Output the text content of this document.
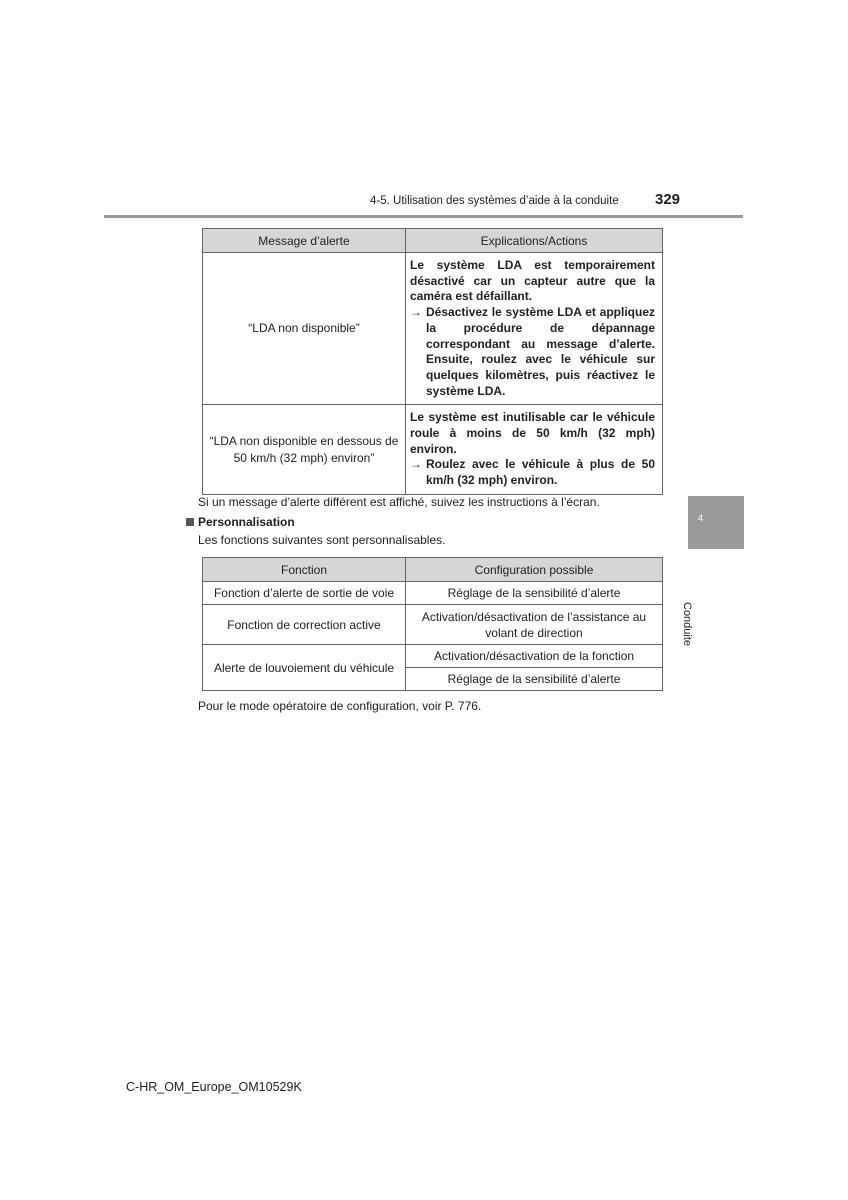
4-5. Utilisation des systèmes d’aide à la conduite 329
4
Conduite
Message d’alerte	Explications/Actions
“LDA non disponible”	Le système LDA est temporairement désactivé car un capteur autre que la caméra est défaillant.
→ Désactivez le système LDA et appliquez la procédure de dépannage correspondant au message d’alerte. Ensuite, roulez avec le véhicule sur quelques kilomètres, puis réactivez le système LDA.

“LDA non disponible en dessous de 50 km/h (32 mph) environ”	Le système est inutilisable car le véhicule roule à moins de 50 km/h (32 mph) environ.
→ Roulez avec le véhicule à plus de 50 km/h (32 mph) environ.
Si un message d’alerte différent est affiché, suivez les instructions à l’écran.
Personnalisation
Les fonctions suivantes sont personnalisables.
Fonction	Configuration possible
Fonction d’alerte de sortie de voie	Réglage de la sensibilité d’alerte
Fonction de correction active	Activation/désactivation de l’assistance au volant de direction
Alerte de louvoiement du véhicule	Activation/désactivation de la fonction
	Réglage de la sensibilité d’alerte
Pour le mode opératoire de configuration, voir P. 776.
C-HR_OM_Europe_OM10529K
